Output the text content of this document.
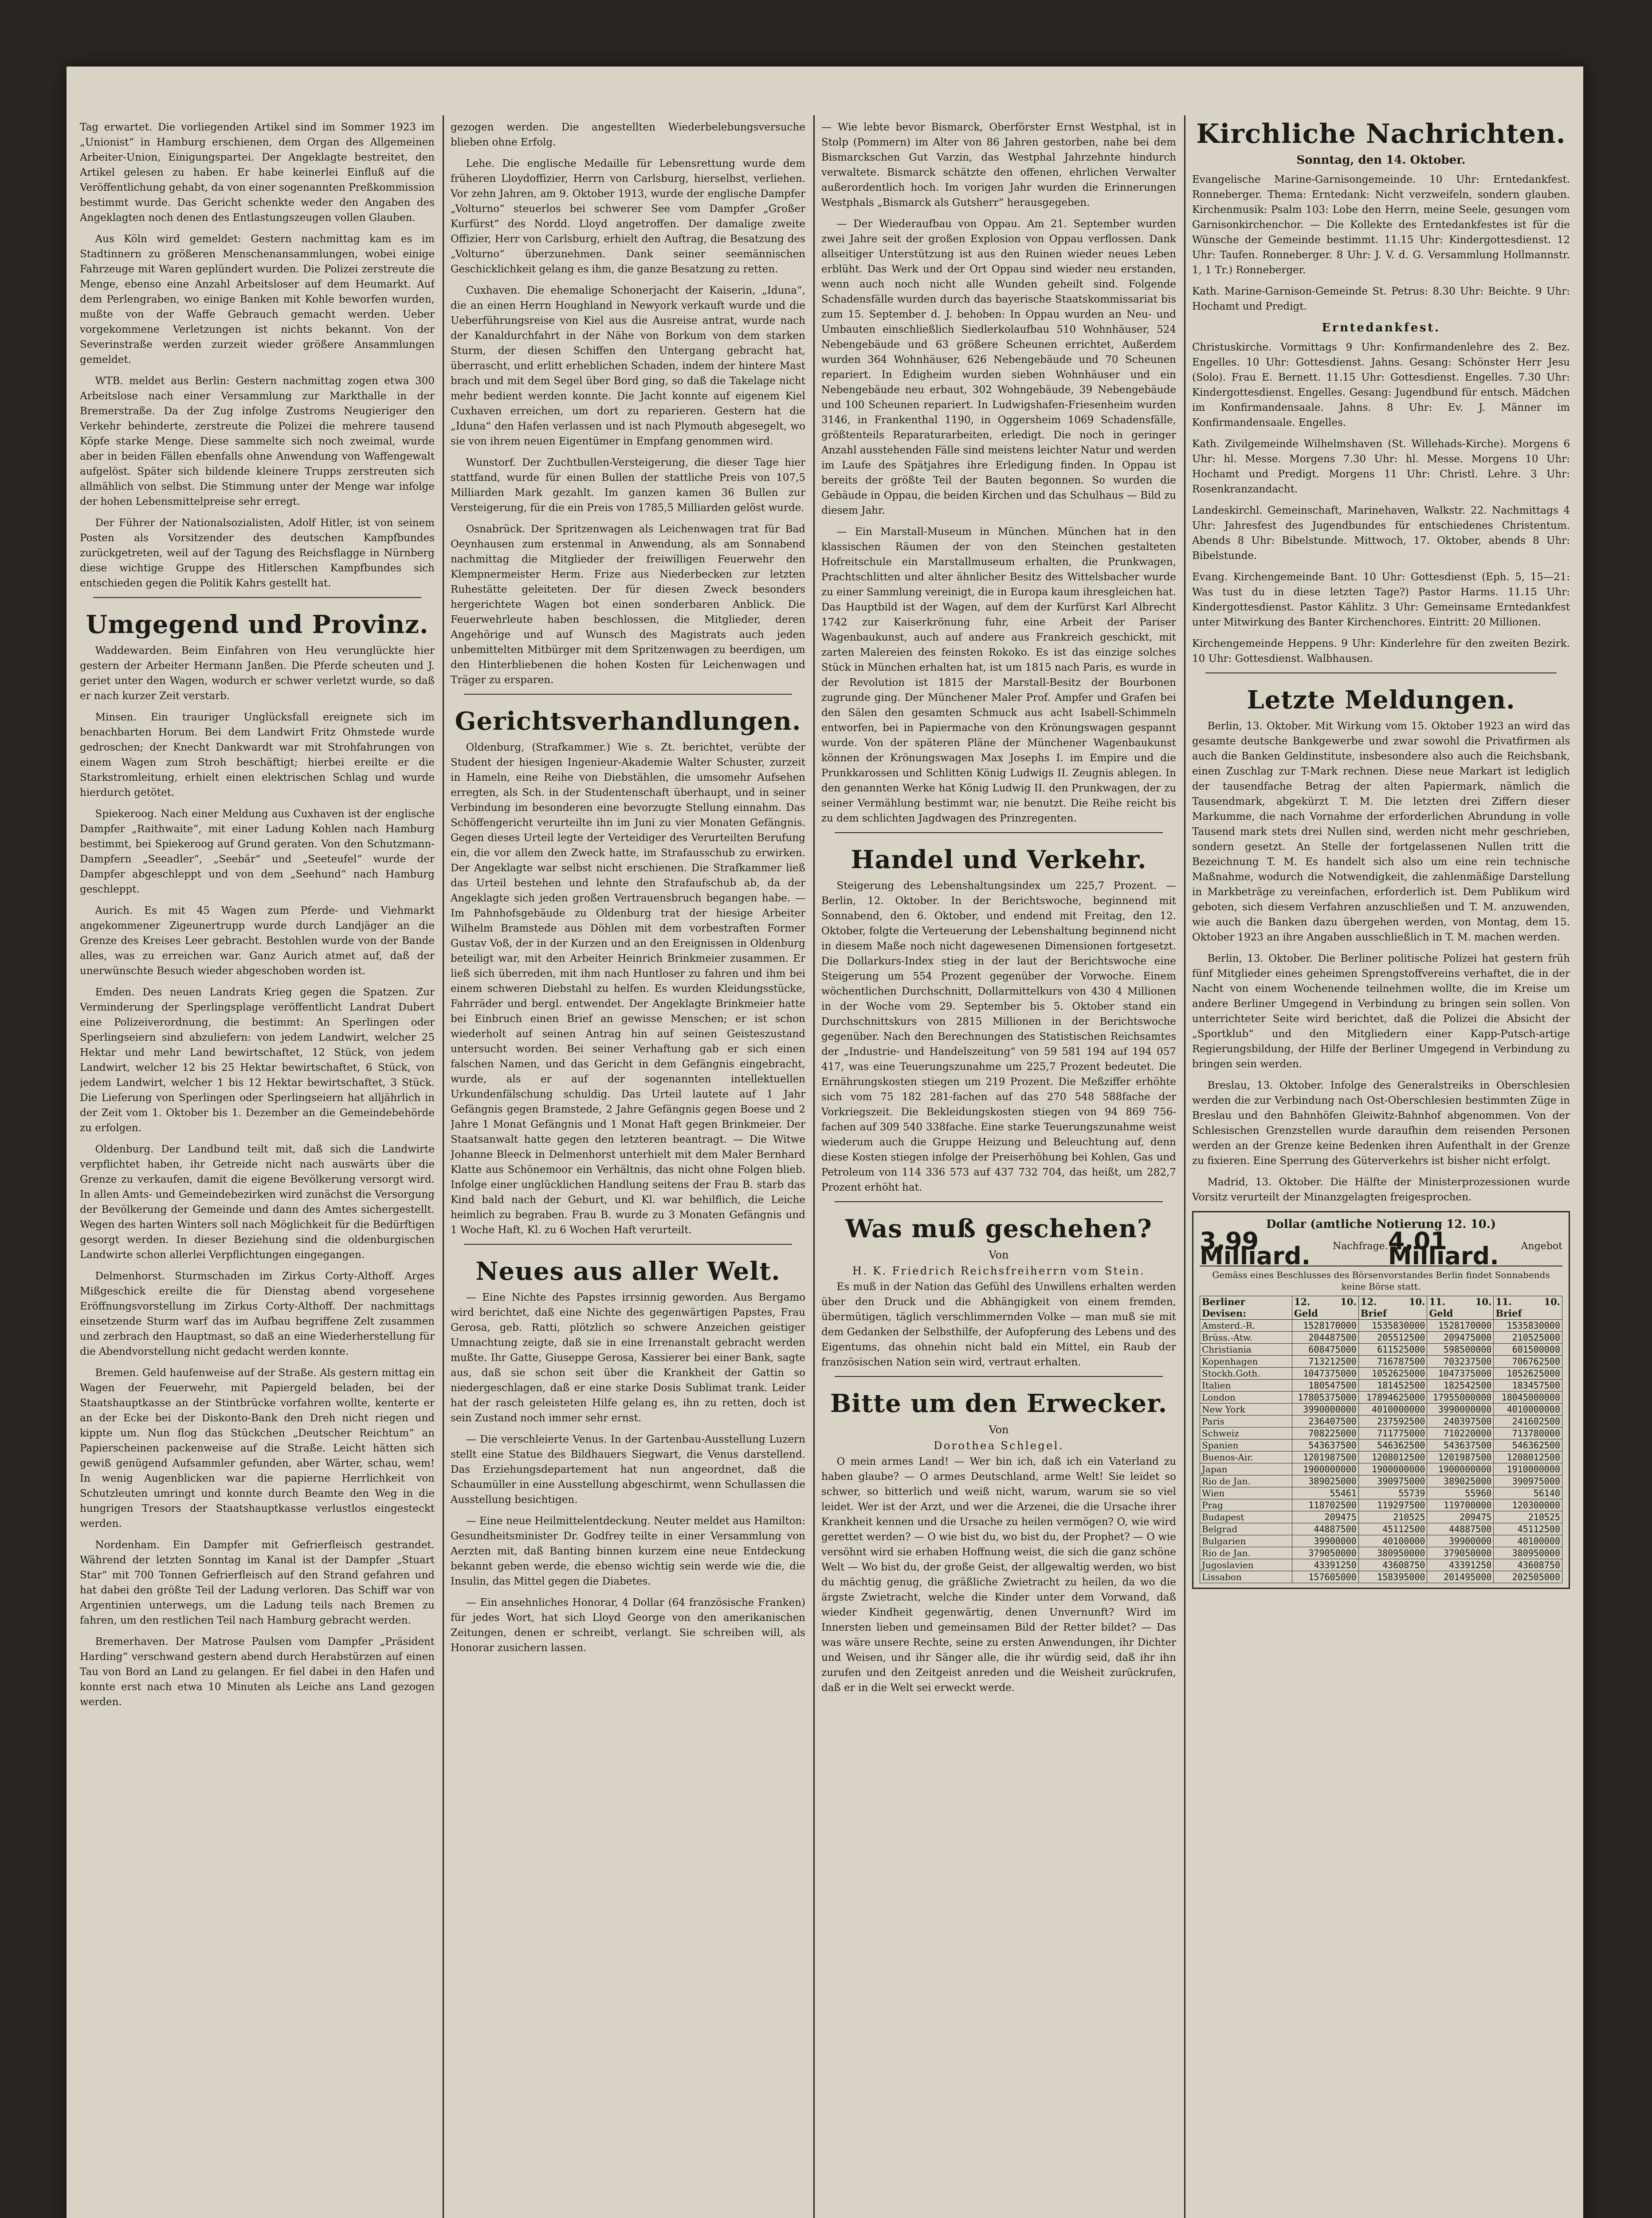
Tag erwartet. Die vorliegenden Artikel sind im Sommer 1923 im „Unionist“ in Hamburg erschienen, dem Organ des Allgemeinen Arbeiter-Union, Einigungspartei. Der Angeklagte bestreitet, den Artikel gelesen zu haben. Er habe keinerlei Einfluß auf die Veröffentlichung gehabt, da von einer sogenannten Preßkommission bestimmt wurde. Das Gericht schenkte weder den Angaben des Angeklagten noch denen des Entlastungszeugen vollen Glauben.

Aus Köln wird gemeldet: Gestern nachmittag kam es im Stadtinnern zu größeren Menschenansammlungen, wobei einige Fahrzeuge mit Waren geplündert wurden. Die Polizei zerstreute die Menge, ebenso eine Anzahl Arbeitsloser auf dem Heumarkt. Auf dem Perlengraben, wo einige Banken mit Kohle beworfen wurden, mußte von der Waffe Gebrauch gemacht werden. Ueber vorgekommene Verletzungen ist nichts bekannt. Von der Severinstraße werden zurzeit wieder größere Ansammlungen gemeldet.

WTB. meldet aus Berlin: Gestern nachmittag zogen etwa 300 Arbeitslose nach einer Versammlung zur Markthalle in der Bremerstraße. Da der Zug infolge Zustroms Neugieriger den Verkehr behinderte, zerstreute die Polizei die mehrere tausend Köpfe starke Menge. Diese sammelte sich noch zweimal, wurde aber in beiden Fällen ebenfalls ohne Anwendung von Waffengewalt aufgelöst. Später sich bildende kleinere Trupps zerstreuten sich allmählich von selbst. Die Stimmung unter der Menge war infolge der hohen Lebensmittelpreise sehr erregt.

Der Führer der Nationalsozialisten, Adolf Hitler, ist von seinem Posten als Vorsitzender des deutschen Kampfbundes zurückgetreten, weil auf der Tagung des Reichsflagge in Nürnberg diese wichtige Gruppe des Hitlerschen Kampfbundes sich entschieden gegen die Politik Kahrs gestellt hat.

Umgegend und Provinz.

Waddewarden. Beim Einfahren von Heu verunglückte hier gestern der Arbeiter Hermann Janßen. Die Pferde scheuten und J. geriet unter den Wagen, wodurch er schwer verletzt wurde, so daß er nach kurzer Zeit verstarb.

Minsen. Ein trauriger Unglücksfall ereignete sich im benachbarten Horum. Bei dem Landwirt Fritz Ohmstede wurde gedroschen; der Knecht Dankwardt war mit Strohfahrungen von einem Wagen zum Stroh beschäftigt; hierbei ereilte er die Starkstromleitung, erhielt einen elektrischen Schlag und wurde hierdurch getötet.

Spiekeroog. Nach einer Meldung aus Cuxhaven ist der englische Dampfer „Raithwaite“, mit einer Ladung Kohlen nach Hamburg bestimmt, bei Spiekeroog auf Grund geraten. Von den Schutzmann-Dampfern „Seeadler“, „Seebär“ und „Seeteufel“ wurde der Dampfer abgeschleppt und von dem „Seehund“ nach Hamburg geschleppt.

Aurich. Es mit 45 Wagen zum Pferde- und Viehmarkt angekommener Zigeunertrupp wurde durch Landjäger an die Grenze des Kreises Leer gebracht. Bestohlen wurde von der Bande alles, was zu erreichen war. Ganz Aurich atmet auf, daß der unerwünschte Besuch wieder abgeschoben worden ist.

Emden. Des neuen Landrats Krieg gegen die Spatzen. Zur Verminderung der Sperlingsplage veröffentlicht Landrat Dubert eine Polizeiverordnung, die bestimmt: An Sperlingen oder Sperlingseiern sind abzuliefern: von jedem Landwirt, welcher 25 Hektar und mehr Land bewirtschaftet, 12 Stück, von jedem Landwirt, welcher 12 bis 25 Hektar bewirtschaftet, 6 Stück, von jedem Landwirt, welcher 1 bis 12 Hektar bewirtschaftet, 3 Stück. Die Lieferung von Sperlingen oder Sperlingseiern hat alljährlich in der Zeit vom 1. Oktober bis 1. Dezember an die Gemeindebehörde zu erfolgen.

Oldenburg. Der Landbund teilt mit, daß sich die Landwirte verpflichtet haben, ihr Getreide nicht nach auswärts über die Grenze zu verkaufen, damit die eigene Bevölkerung versorgt wird. In allen Amts- und Gemeindebezirken wird zunächst die Versorgung der Bevölkerung der Gemeinde und dann des Amtes sichergestellt. Wegen des harten Winters soll nach Möglichkeit für die Bedürftigen gesorgt werden. In dieser Beziehung sind die oldenburgischen Landwirte schon allerlei Verpflichtungen eingegangen.

Delmenhorst. Sturmschaden im Zirkus Corty-Althoff. Arges Mißgeschick ereilte die für Dienstag abend vorgesehene Eröffnungsvorstellung im Zirkus Corty-Althoff. Der nachmittags einsetzende Sturm warf das im Aufbau begriffene Zelt zusammen und zerbrach den Hauptmast, so daß an eine Wiederherstellung für die Abendvorstellung nicht gedacht werden konnte.

Bremen. Geld haufenweise auf der Straße. Als gestern mittag ein Wagen der Feuerwehr, mit Papiergeld beladen, bei der Staatshauptkasse an der Stintbrücke vorfahren wollte, kenterte er an der Ecke bei der Diskonto-Bank den Dreh nicht riegen und kippte um. Nun flog das Stückchen „Deutscher Reichtum“ an Papierscheinen packenweise auf die Straße. Leicht hätten sich gewiß genügend Aufsammler gefunden, aber Wärter, schau, wem! In wenig Augenblicken war die papierne Herrlichkeit von Schutzleuten umringt und konnte durch Beamte den Weg in die hungrigen Tresors der Staatshauptkasse verlustlos eingesteckt werden.

Nordenham. Ein Dampfer mit Gefrierfleisch gestrandet. Während der letzten Sonntag im Kanal ist der Dampfer „Stuart Star“ mit 700 Tonnen Gefrierfleisch auf den Strand gefahren und hat dabei den größte Teil der Ladung verloren. Das Schiff war von Argentinien unterwegs, um die Ladung teils nach Bremen zu fahren, um den restlichen Teil nach Hamburg gebracht werden.

Bremerhaven. Der Matrose Paulsen vom Dampfer „Präsident Harding“ verschwand gestern abend durch Herabstürzen auf einen Tau von Bord an Land zu gelangen. Er fiel dabei in den Hafen und konnte erst nach etwa 10 Minuten als Leiche ans Land gezogen werden.

gezogen werden. Die angestellten Wiederbelebungsversuche blieben ohne Erfolg.

Lehe. Die englische Medaille für Lebensrettung wurde dem früheren Lloydoffizier, Herrn von Carlsburg, hierselbst, verliehen. Vor zehn Jahren, am 9. Oktober 1913, wurde der englische Dampfer „Volturno“ steuerlos bei schwerer See vom Dampfer „Großer Kurfürst“ des Nordd. Lloyd angetroffen. Der damalige zweite Offizier, Herr von Carlsburg, erhielt den Auftrag, die Besatzung des „Volturno“ überzunehmen. Dank seiner seemännischen Geschicklichkeit gelang es ihm, die ganze Besatzung zu retten.

Cuxhaven. Die ehemalige Schonerjacht der Kaiserin, „Iduna“, die an einen Herrn Houghland in Newyork verkauft wurde und die Ueberführungsreise von Kiel aus die Ausreise antrat, wurde nach der Kanaldurchfahrt in der Nähe von Borkum von dem starken Sturm, der diesen Schiffen den Untergang gebracht hat, überrascht, und erlitt erheblichen Schaden, indem der hintere Mast brach und mit dem Segel über Bord ging, so daß die Takelage nicht mehr bedient werden konnte. Die Jacht konnte auf eigenem Kiel Cuxhaven erreichen, um dort zu reparieren. Gestern hat die „Iduna“ den Hafen verlassen und ist nach Plymouth abgesegelt, wo sie von ihrem neuen Eigentümer in Empfang genommen wird.

Wunstorf. Der Zuchtbullen-Versteigerung, die dieser Tage hier stattfand, wurde für einen Bullen der stattliche Preis von 107,5 Milliarden Mark gezahlt. Im ganzen kamen 36 Bullen zur Versteigerung, für die ein Preis von 1785,5 Milliarden gelöst wurde.

Osnabrück. Der Spritzenwagen als Leichenwagen trat für Bad Oeynhausen zum erstenmal in Anwendung, als am Sonnabend nachmittag die Mitglieder der freiwilligen Feuerwehr den Klempnermeister Herm. Frize aus Niederbecken zur letzten Ruhestätte geleiteten. Der für diesen Zweck besonders hergerichtete Wagen bot einen sonderbaren Anblick. Die Feuerwehrleute haben beschlossen, die Mitglieder, deren Angehörige und auf Wunsch des Magistrats auch jeden unbemittelten Mitbürger mit dem Spritzenwagen zu beerdigen, um den Hinterbliebenen die hohen Kosten für Leichenwagen und Träger zu ersparen.

Gerichtsverhandlungen.

Oldenburg, (Strafkammer.) Wie s. Zt. berichtet, verübte der Student der hiesigen Ingenieur-Akademie Walter Schuster, zurzeit in Hameln, eine Reihe von Diebstählen, die umsomehr Aufsehen erregten, als Sch. in der Studentenschaft überhaupt, und in seiner Verbindung im besonderen eine bevorzugte Stellung einnahm. Das Schöffengericht verurteilte ihn im Juni zu vier Monaten Gefängnis. Gegen dieses Urteil legte der Verteidiger des Verurteilten Berufung ein, die vor allem den Zweck hatte, im Strafausschub zu erwirken. Der Angeklagte war selbst nicht erschienen. Die Strafkammer ließ das Urteil bestehen und lehnte den Strafaufschub ab, da der Angeklagte sich jeden großen Vertrauensbruch begangen habe. — Im Pahnhofsgebäude zu Oldenburg trat der hiesige Arbeiter Wilhelm Bramstede aus Döhlen mit dem vorbestraften Former Gustav Voß, der in der Kurzen und an den Ereignissen in Oldenburg beteiligt war, mit den Arbeiter Heinrich Brinkmeier zusammen. Er ließ sich überreden, mit ihm nach Huntloser zu fahren und ihm bei einem schweren Diebstahl zu helfen. Es wurden Kleidungsstücke, Fahrräder und bergl. entwendet. Der Angeklagte Brinkmeier hatte bei Einbruch einen Brief an gewisse Menschen; er ist schon wiederholt auf seinen Antrag hin auf seinen Geisteszustand untersucht worden. Bei seiner Verhaftung gab er sich einen falschen Namen, und das Gericht in dem Gefängnis eingebracht, wurde, als er auf der sogenannten intellektuellen Urkundenfälschung schuldig. Das Urteil lautete auf 1 Jahr Gefängnis gegen Bramstede, 2 Jahre Gefängnis gegen Boese und 2 Jahre 1 Monat Gefängnis und 1 Monat Haft gegen Brinkmeier. Der Staatsanwalt hatte gegen den letzteren beantragt. — Die Witwe Johanne Bleeck in Delmenhorst unterhielt mit dem Maler Bernhard Klatte aus Schönemoor ein Verhältnis, das nicht ohne Folgen blieb. Infolge einer unglücklichen Handlung seitens der Frau B. starb das Kind bald nach der Geburt, und Kl. war behilflich, die Leiche heimlich zu begraben. Frau B. wurde zu 3 Monaten Gefängnis und 1 Woche Haft, Kl. zu 6 Wochen Haft verurteilt.

Neues aus aller Welt.

— Eine Nichte des Papstes irrsinnig geworden. Aus Bergamo wird berichtet, daß eine Nichte des gegenwärtigen Papstes, Frau Gerosa, geb. Ratti, plötzlich so schwere Anzeichen geistiger Umnachtung zeigte, daß sie in eine Irrenanstalt gebracht werden mußte. Ihr Gatte, Giuseppe Gerosa, Kassierer bei einer Bank, sagte aus, daß sie schon seit über die Krankheit der Gattin so niedergeschlagen, daß er eine starke Dosis Sublimat trank. Leider hat der rasch geleisteten Hilfe gelang es, ihn zu retten, doch ist sein Zustand noch immer sehr ernst.

— Die verschleierte Venus. In der Gartenbau-Ausstellung Luzern stellt eine Statue des Bildhauers Siegwart, die Venus darstellend. Das Erziehungsdepartement hat nun angeordnet, daß die Schaumüller in eine Ausstellung abgeschirmt, wenn Schullassen die Ausstellung besichtigen.

— Eine neue Heilmittelentdeckung. Neuter meldet aus Hamilton: Gesundheitsminister Dr. Godfrey teilte in einer Versammlung von Aerzten mit, daß Banting binnen kurzem eine neue Entdeckung bekannt geben werde, die ebenso wichtig sein werde wie die, die Insulin, das Mittel gegen die Diabetes.

— Ein ansehnliches Honorar, 4 Dollar (64 französische Franken) für jedes Wort, hat sich Lloyd George von den amerikanischen Zeitungen, denen er schreibt, verlangt. Sie schreiben will, als Honorar zusichern lassen.

— Wie lebte bevor Bismarck, Oberförster Ernst Westphal, ist in Stolp (Pommern) im Alter von 86 Jahren gestorben, nahe bei dem Bismarckschen Gut Varzin, das Westphal Jahrzehnte hindurch verwaltete. Bismarck schätzte den offenen, ehrlichen Verwalter außerordentlich hoch. Im vorigen Jahr wurden die Erinnerungen Westphals „Bismarck als Gutsherr“ herausgegeben.

— Der Wiederaufbau von Oppau. Am 21. September wurden zwei Jahre seit der großen Explosion von Oppau verflossen. Dank allseitiger Unterstützung ist aus den Ruinen wieder neues Leben erblüht. Das Werk und der Ort Oppau sind wieder neu erstanden, wenn auch noch nicht alle Wunden geheilt sind. Folgende Schadensfälle wurden durch das bayerische Staatskommissariat bis zum 15. September d. J. behoben: In Oppau wurden an Neu- und Umbauten einschließlich Siedlerkolaufbau 510 Wohnhäuser, 524 Nebengebäude und 63 größere Scheunen errichtet, Außerdem wurden 364 Wohnhäuser, 626 Nebengebäude und 70 Scheunen repariert. In Edigheim wurden sieben Wohnhäuser und ein Nebengebäude neu erbaut, 302 Wohngebäude, 39 Nebengebäude und 100 Scheunen repariert. In Ludwigshafen-Friesenheim wurden 3146, in Frankenthal 1190, in Oggersheim 1069 Schadensfälle, größtenteils Reparaturarbeiten, erledigt. Die noch in geringer Anzahl ausstehenden Fälle sind meistens leichter Natur und werden im Laufe des Spätjahres ihre Erledigung finden. In Oppau ist bereits der größte Teil der Bauten begonnen. So wurden die Gebäude in Oppau, die beiden Kirchen und das Schulhaus — Bild zu diesem Jahr.

— Ein Marstall-Museum in München. München hat in den klassischen Räumen der von den Steinchen gestalteten Hofreitschule ein Marstallmuseum erhalten, die Prunkwagen, Prachtschlitten und alter ähnlicher Besitz des Wittelsbacher wurde zu einer Sammlung vereinigt, die in Europa kaum ihresgleichen hat. Das Hauptbild ist der Wagen, auf dem der Kurfürst Karl Albrecht 1742 zur Kaiserkrönung fuhr, eine Arbeit der Pariser Wagenbaukunst, auch auf andere aus Frankreich geschickt, mit zarten Malereien des feinsten Rokoko. Es ist das einzige solches Stück in München erhalten hat, ist um 1815 nach Paris, es wurde in der Revolution ist 1815 der Marstall-Besitz der Bourbonen zugrunde ging. Der Münchener Maler Prof. Ampfer und Grafen bei den Sälen den gesamten Schmuck aus acht Isabell-Schimmeln entworfen, bei in Papiermache von den Krönungswagen gespannt wurde. Von der späteren Pläne der Münchener Wagenbaukunst können der Krönungswagen Max Josephs I. im Empire und die Prunkkarossen und Schlitten König Ludwigs II. Zeugnis ablegen. In den genannten Werke hat König Ludwig II. den Prunkwagen, der zu seiner Vermählung bestimmt war, nie benutzt. Die Reihe reicht bis zu dem schlichten Jagdwagen des Prinzregenten.

Handel und Verkehr.

Steigerung des Lebenshaltungsindex um 225,7 Prozent. — Berlin, 12. Oktober. In der Berichtswoche, beginnend mit Sonnabend, den 6. Oktober, und endend mit Freitag, den 12. Oktober, folgte die Verteuerung der Lebenshaltung beginnend nicht in diesem Maße noch nicht dagewesenen Dimensionen fortgesetzt. Die Dollarkurs-Index stieg in der laut der Berichtswoche eine Steigerung um 554 Prozent gegenüber der Vorwoche. Einem wöchentlichen Durchschnitt, Dollarmittelkurs von 430 4 Millionen in der Woche vom 29. September bis 5. Oktober stand ein Durchschnittskurs von 2815 Millionen in der Berichtswoche gegenüber. Nach den Berechnungen des Statistischen Reichsamtes der „Industrie- und Handelszeitung“ von 59 581 194 auf 194 057 417, was eine Teuerungszunahme um 225,7 Prozent bedeutet. Die Ernährungskosten stiegen um 219 Prozent. Die Meßziffer erhöhte sich vom 75 182 281-fachen auf das 270 548 588fache der Vorkriegszeit. Die Bekleidungskosten stiegen von 94 869 756-fachen auf 309 540 338fache. Eine starke Teuerungszunahme weist wiederum auch die Gruppe Heizung und Beleuchtung auf, denn diese Kosten stiegen infolge der Preiserhöhung bei Kohlen, Gas und Petroleum von 114 336 573 auf 437 732 704, das heißt, um 282,7 Prozent erhöht hat.

Was muß geschehen?
Von
H. K. Friedrich Reichsfreiherrn vom Stein.

Es muß in der Nation das Gefühl des Unwillens erhalten werden über den Druck und die Abhängigkeit von einem fremden, übermütigen, täglich verschlimmernden Volke — man muß sie mit dem Gedanken der Selbsthilfe, der Aufopferung des Lebens und des Eigentums, das ohnehin nicht bald ein Mittel, ein Raub der französischen Nation sein wird, vertraut erhalten.

Bitte um den Erwecker.
Von
Dorothea Schlegel.

O mein armes Land! — Wer bin ich, daß ich ein Vaterland zu haben glaube? — O armes Deutschland, arme Welt! Sie leidet so schwer, so bitterlich und weiß nicht, warum, warum sie so viel leidet. Wer ist der Arzt, und wer die Arzenei, die die Ursache ihrer Krankheit kennen und die Ursache zu heilen vermögen? O, wie wird gerettet werden? — O wie bist du, wo bist du, der Prophet? — O wie versöhnt wird sie erhaben Hoffnung weist, die sich die ganz schöne Welt — Wo bist du, der große Geist, der allgewaltig werden, wo bist du mächtig genug, die gräßliche Zwietracht zu heilen, da wo die ärgste Zwietracht, welche die Kinder unter dem Vorwand, daß wieder Kindheit gegenwärtig, denen Unvernunft? Wird im Innersten lieben und gemeinsamen Bild der Retter bildet? — Das was wäre unsere Rechte, seine zu ersten Anwendungen, ihr Dichter und Weisen, und ihr Sänger alle, die ihr würdig seid, daß ihr ihn zurufen und den Zeitgeist anreden und die Weisheit zurückrufen, daß er in die Welt sei erweckt werde.

Kirchliche Nachrichten.
Sonntag, den 14. Oktober.

Evangelische Marine-Garnisongemeinde. 10 Uhr: Erntedankfest. Ronneberger. Thema: Erntedank: Nicht verzweifeln, sondern glauben. Kirchenmusik: Psalm 103: Lobe den Herrn, meine Seele, gesungen vom Garnisonkirchenchor. — Die Kollekte des Erntedankfestes ist für die Wünsche der Gemeinde bestimmt. 11.15 Uhr: Kindergottesdienst. 12 Uhr: Taufen. Ronneberger. 8 Uhr: J. V. d. G. Versammlung Hollmannstr. 1, 1 Tr.) Ronneberger.

Kath. Marine-Garnison-Gemeinde St. Petrus: 8.30 Uhr: Beichte. 9 Uhr: Hochamt und Predigt.

Erntedankfest.

Christuskirche. Vormittags 9 Uhr: Konfirmandenlehre des 2. Bez. Engelles. 10 Uhr: Gottesdienst. Jahns. Gesang: Schönster Herr Jesu (Solo). Frau E. Bernett. 11.15 Uhr: Gottesdienst. Engelles. 7.30 Uhr: Kindergottesdienst. Engelles. Gesang: Jugendbund für entsch. Mädchen im Konfirmandensaale. Jahns. 8 Uhr: Ev. J. Männer im Konfirmandensaale. Engelles.

Kath. Zivilgemeinde Wilhelmshaven (St. Willehads-Kirche). Morgens 6 Uhr: hl. Messe. Morgens 7.30 Uhr: hl. Messe. Morgens 10 Uhr: Hochamt und Predigt. Morgens 11 Uhr: Christl. Lehre. 3 Uhr: Rosenkranzandacht.

Landeskirchl. Gemeinschaft, Marinehaven, Walkstr. 22. Nachmittags 4 Uhr: Jahresfest des Jugendbundes für entschiedenes Christentum. Abends 8 Uhr: Bibelstunde. Mittwoch, 17. Oktober, abends 8 Uhr: Bibelstunde.

Evang. Kirchengemeinde Bant. 10 Uhr: Gottesdienst (Eph. 5, 15—21: Was tust du in diese letzten Tage?) Pastor Harms. 11.15 Uhr: Kindergottesdienst. Pastor Kählitz. 3 Uhr: Gemeinsame Erntedankfest unter Mitwirkung des Banter Kirchenchores. Eintritt: 20 Millionen.

Kirchengemeinde Heppens. 9 Uhr: Kinderlehre für den zweiten Bezirk. 10 Uhr: Gottesdienst. Walbhausen.

Letzte Meldungen.

Berlin, 13. Oktober. Mit Wirkung vom 15. Oktober 1923 an wird das gesamte deutsche Bankgewerbe und zwar sowohl die Privatfirmen als auch die Banken Geldinstitute, insbesondere also auch die Reichsbank, einen Zuschlag zur T-Mark rechnen. Diese neue Markart ist lediglich der tausendfache Betrag der alten Papiermark, nämlich die Tausendmark, abgekürzt T. M. Die letzten drei Ziffern dieser Markumme, die nach Vornahme der erforderlichen Abrundung in volle Tausend mark stets drei Nullen sind, werden nicht mehr geschrieben, sondern gesetzt. An Stelle der fortgelassenen Nullen tritt die Bezeichnung T. M. Es handelt sich also um eine rein technische Maßnahme, wodurch die Notwendigkeit, die zahlenmäßige Darstellung in Markbeträge zu vereinfachen, erforderlich ist. Dem Publikum wird geboten, sich diesem Verfahren anzuschließen und T. M. anzuwenden, wie auch die Banken dazu übergehen werden, von Montag, dem 15. Oktober 1923 an ihre Angaben ausschließlich in T. M. machen werden.

Berlin, 13. Oktober. Die Berliner politische Polizei hat gestern früh fünf Mitglieder eines geheimen Sprengstoffvereins verhaftet, die in der Nacht von einem Wochenende teilnehmen wollte, die im Kreise um andere Berliner Umgegend in Verbindung zu bringen sein sollen. Von unterrichteter Seite wird berichtet, daß die Polizei die Absicht der „Sportklub“ und den Mitgliedern einer Kapp-Putsch-artige Regierungsbildung, der Hilfe der Berliner Umgegend in Verbindung zu bringen sein werden.

Breslau, 13. Oktober. Infolge des Generalstreiks in Oberschlesien werden die zur Verbindung nach Ost-Oberschlesien bestimmten Züge in Breslau und den Bahnhöfen Gleiwitz-Bahnhof abgenommen. Von der Schlesischen Grenzstellen wurde daraufhin dem reisenden Personen werden an der Grenze keine Bedenken ihren Aufenthalt in der Grenze zu fixieren. Eine Sperrung des Güterverkehrs ist bisher nicht erfolgt.

Madrid, 13. Oktober. Die Hälfte der Ministerprozessionen wurde Vorsitz verurteilt der Minanzgelagten freigesprochen.

Dollar (amtliche Notierung 12. 10.)
3,99 Milliard.	Nachfrage. 4,01 Milliard.	Angebot
Gemäss eines Beschlusses des Börsenvorstandes Berlin findet Sonnabends keine Börse statt.
Berliner Devisen:	12. 10. Geld	12. 10. Brief	11. 10. Geld	11. 10. Brief
Amsterd.-R.	1528170000	1535830000	1528170000	1535830000
Brüss.-Atw.	204487500	205512500	209475000	210525000
Christiania	608475000	611525000	598500000	601500000
Kopenhagen	713212500	716787500	703237500	706762500
Stockh.Goth.	1047375000	1052625000	1047375000	1052625000
Italien	180547500	181452500	182542500	183457500
London	17805375000	17894625000	17955000000	18045000000
New York	3990000000	4010000000	3990000000	4010000000
Paris	236407500	237592500	240397500	241602500
Schweiz	708225000	711775000	710220000	713780000
Spanien	543637500	546362500	543637500	546362500
Buenos-Air.	1201987500	1208012500	1201987500	1208012500
Japan	1900000000	1900000000	1900000000	1910000000
Rio de Jan.	389025000	390975000	389025000	390975000
Wien	55461	55739	55960	56140
Prag	118702500	119297500	119700000	120300000
Budapest	209475	210525	209475	210525
Belgrad	44887500	45112500	44887500	45112500
Bulgarien	39900000	40100000	39900000	40100000
Rio de Jan.	379050000	380950000	379050000	380950000
Jugoslavien	43391250	43608750	43391250	43608750
Lissabon	157605000	158395000	201495000	202505000
